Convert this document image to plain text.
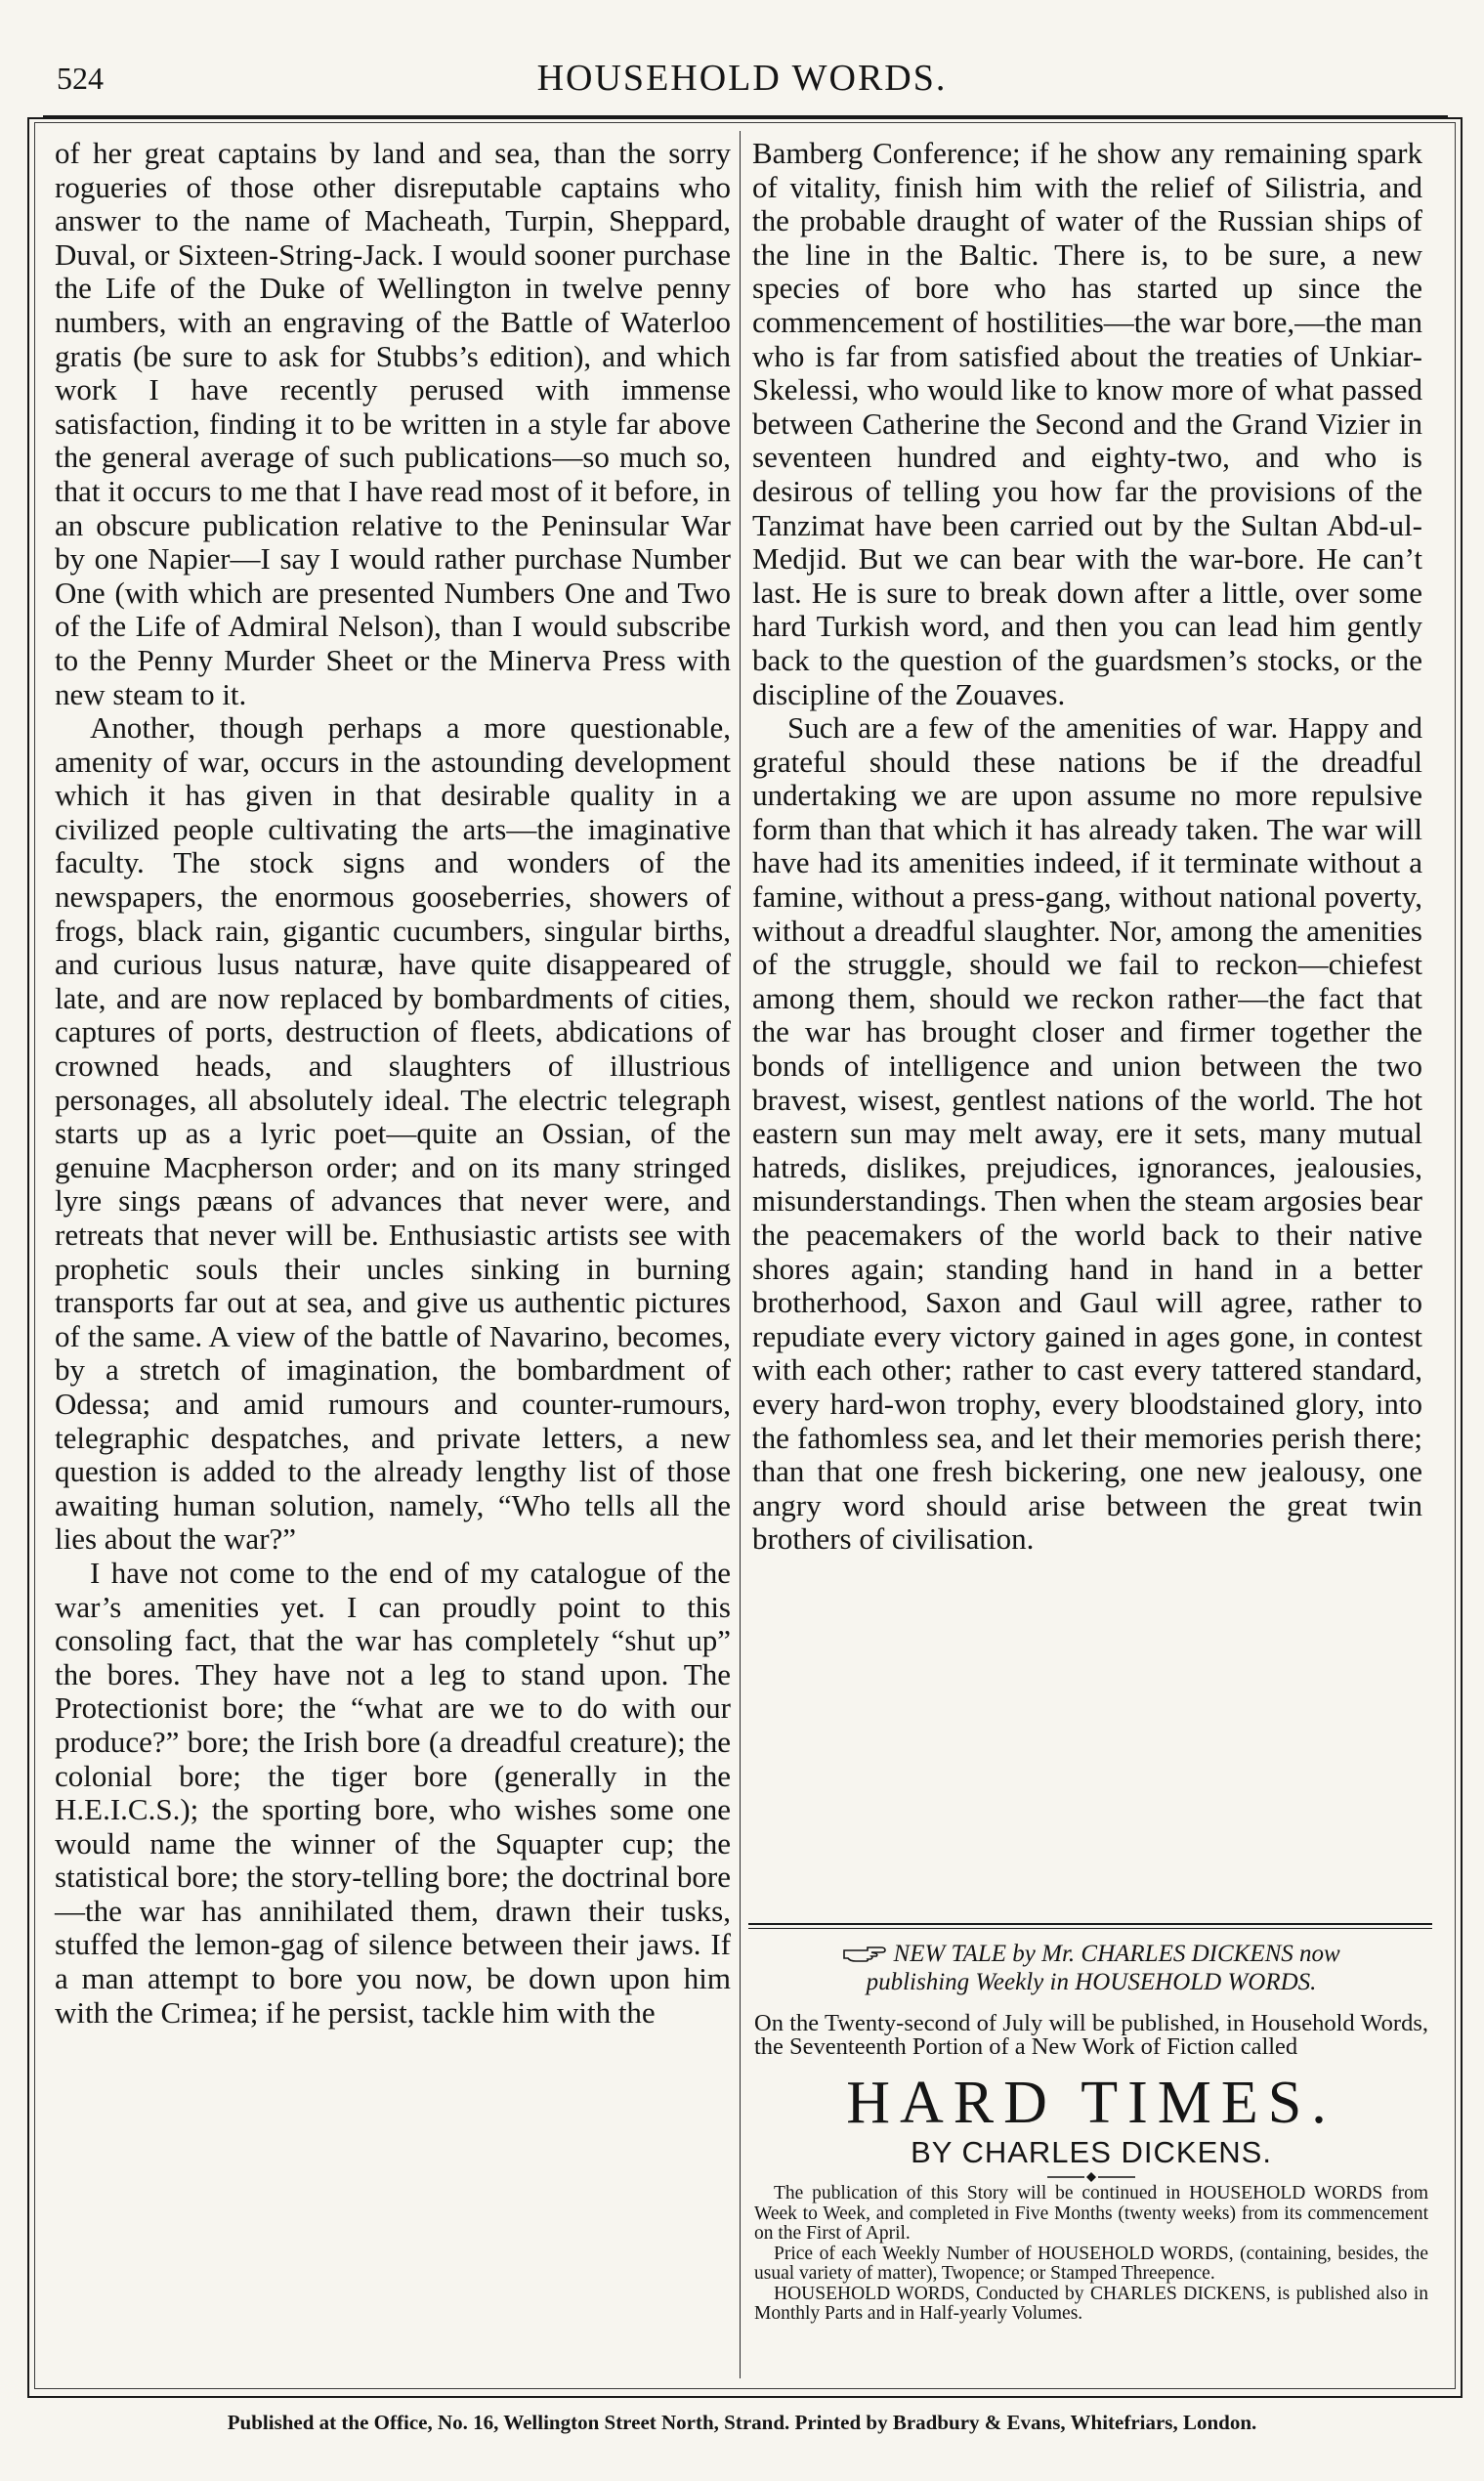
524	HOUSEHOLD WORDS.

of her great captains by land and sea, than the sorry rogueries of those other disreputable captains who answer to the name of Macheath, Turpin, Sheppard, Duval, or Sixteen-String-Jack. I would sooner purchase the Life of the Duke of Wellington in twelve penny numbers, with an engraving of the Battle of Waterloo gratis (be sure to ask for Stubbs’s edition), and which work I have recently perused with immense satisfaction, finding it to be written in a style far above the general average of such publications—so much so, that it occurs to me that I have read most of it before, in an obscure publication relative to the Peninsular War by one Napier—I say I would rather purchase Number One (with which are presented Numbers One and Two of the Life of Admiral Nelson), than I would subscribe to the Penny Murder Sheet or the Minerva Press with new steam to it.

Another, though perhaps a more questionable, amenity of war, occurs in the astounding development which it has given in that desirable quality in a civilized people cultivating the arts—the imaginative faculty. The stock signs and wonders of the newspapers, the enormous gooseberries, showers of frogs, black rain, gigantic cucumbers, singular births, and curious lusus naturæ, have quite disappeared of late, and are now replaced by bombardments of cities, captures of ports, destruction of fleets, abdications of crowned heads, and slaughters of illustrious personages, all absolutely ideal. The electric telegraph starts up as a lyric poet—quite an Ossian, of the genuine Macpherson order; and on its many stringed lyre sings pæans of advances that never were, and retreats that never will be. Enthusiastic artists see with prophetic souls their uncles sinking in burning transports far out at sea, and give us authentic pictures of the same. A view of the battle of Navarino, becomes, by a stretch of imagination, the bombardment of Odessa; and amid rumours and counter-rumours, telegraphic despatches, and private letters, a new question is added to the already lengthy list of those awaiting human solution, namely, “Who tells all the lies about the war?”

I have not come to the end of my catalogue of the war’s amenities yet. I can proudly point to this consoling fact, that the war has completely “shut up” the bores. They have not a leg to stand upon. The Protectionist bore; the “what are we to do with our produce?” bore; the Irish bore (a dreadful creature); the colonial bore; the tiger bore (generally in the H.E.I.C.S.); the sporting bore, who wishes some one would name the winner of the Squapter cup; the statistical bore; the story-telling bore; the doctrinal bore—the war has annihilated them, drawn their tusks, stuffed the lemon-gag of silence between their jaws. If a man attempt to bore you now, be down upon him with the Crimea; if he persist, tackle him with the

Bamberg Conference; if he show any remaining spark of vitality, finish him with the relief of Silistria, and the probable draught of water of the Russian ships of the line in the Baltic. There is, to be sure, a new species of bore who has started up since the commencement of hostilities—the war bore,—the man who is far from satisfied about the treaties of Unkiar-Skelessi, who would like to know more of what passed between Catherine the Second and the Grand Vizier in seventeen hundred and eighty-two, and who is desirous of telling you how far the provisions of the Tanzimat have been carried out by the Sultan Abd-ul-Medjid. But we can bear with the war-bore. He can’t last. He is sure to break down after a little, over some hard Turkish word, and then you can lead him gently back to the question of the guardsmen’s stocks, or the discipline of the Zouaves.

Such are a few of the amenities of war. Happy and grateful should these nations be if the dreadful undertaking we are upon assume no more repulsive form than that which it has already taken. The war will have had its amenities indeed, if it terminate without a famine, without a press-gang, without national poverty, without a dreadful slaughter. Nor, among the amenities of the struggle, should we fail to reckon—chiefest among them, should we reckon rather—the fact that the war has brought closer and firmer together the bonds of intelligence and union between the two bravest, wisest, gentlest nations of the world. The hot eastern sun may melt away, ere it sets, many mutual hatreds, dislikes, prejudices, ignorances, jealousies, misunderstandings. Then when the steam argosies bear the peacemakers of the world back to their native shores again; standing hand in hand in a better brotherhood, Saxon and Gaul will agree, rather to repudiate every victory gained in ages gone, in contest with each other; rather to cast every tattered standard, every hard-won trophy, every bloodstained glory, into the fathomless sea, and let their memories perish there; than that one fresh bickering, one new jealousy, one angry word should arise between the great twin brothers of civilisation.

NEW TALE by Mr. CHARLES DICKENS now
publishing Weekly in HOUSEHOLD WORDS.
On the Twenty-second of July will be published, in Household Words, the Seventeenth Portion of a New Work of Fiction called
HARD TIMES.
BY CHARLES DICKENS.

The publication of this Story will be continued in HOUSEHOLD WORDS from Week to Week, and completed in Five Months (twenty weeks) from its commencement on the First of April.

Price of each Weekly Number of HOUSEHOLD WORDS, (containing, besides, the usual variety of matter), Twopence; or Stamped Threepence.

HOUSEHOLD WORDS, Conducted by CHARLES DICKENS, is published also in Monthly Parts and in Half-yearly Volumes.

Published at the Office, No. 16, Wellington Street North, Strand. Printed by Bradbury & Evans, Whitefriars, London.
